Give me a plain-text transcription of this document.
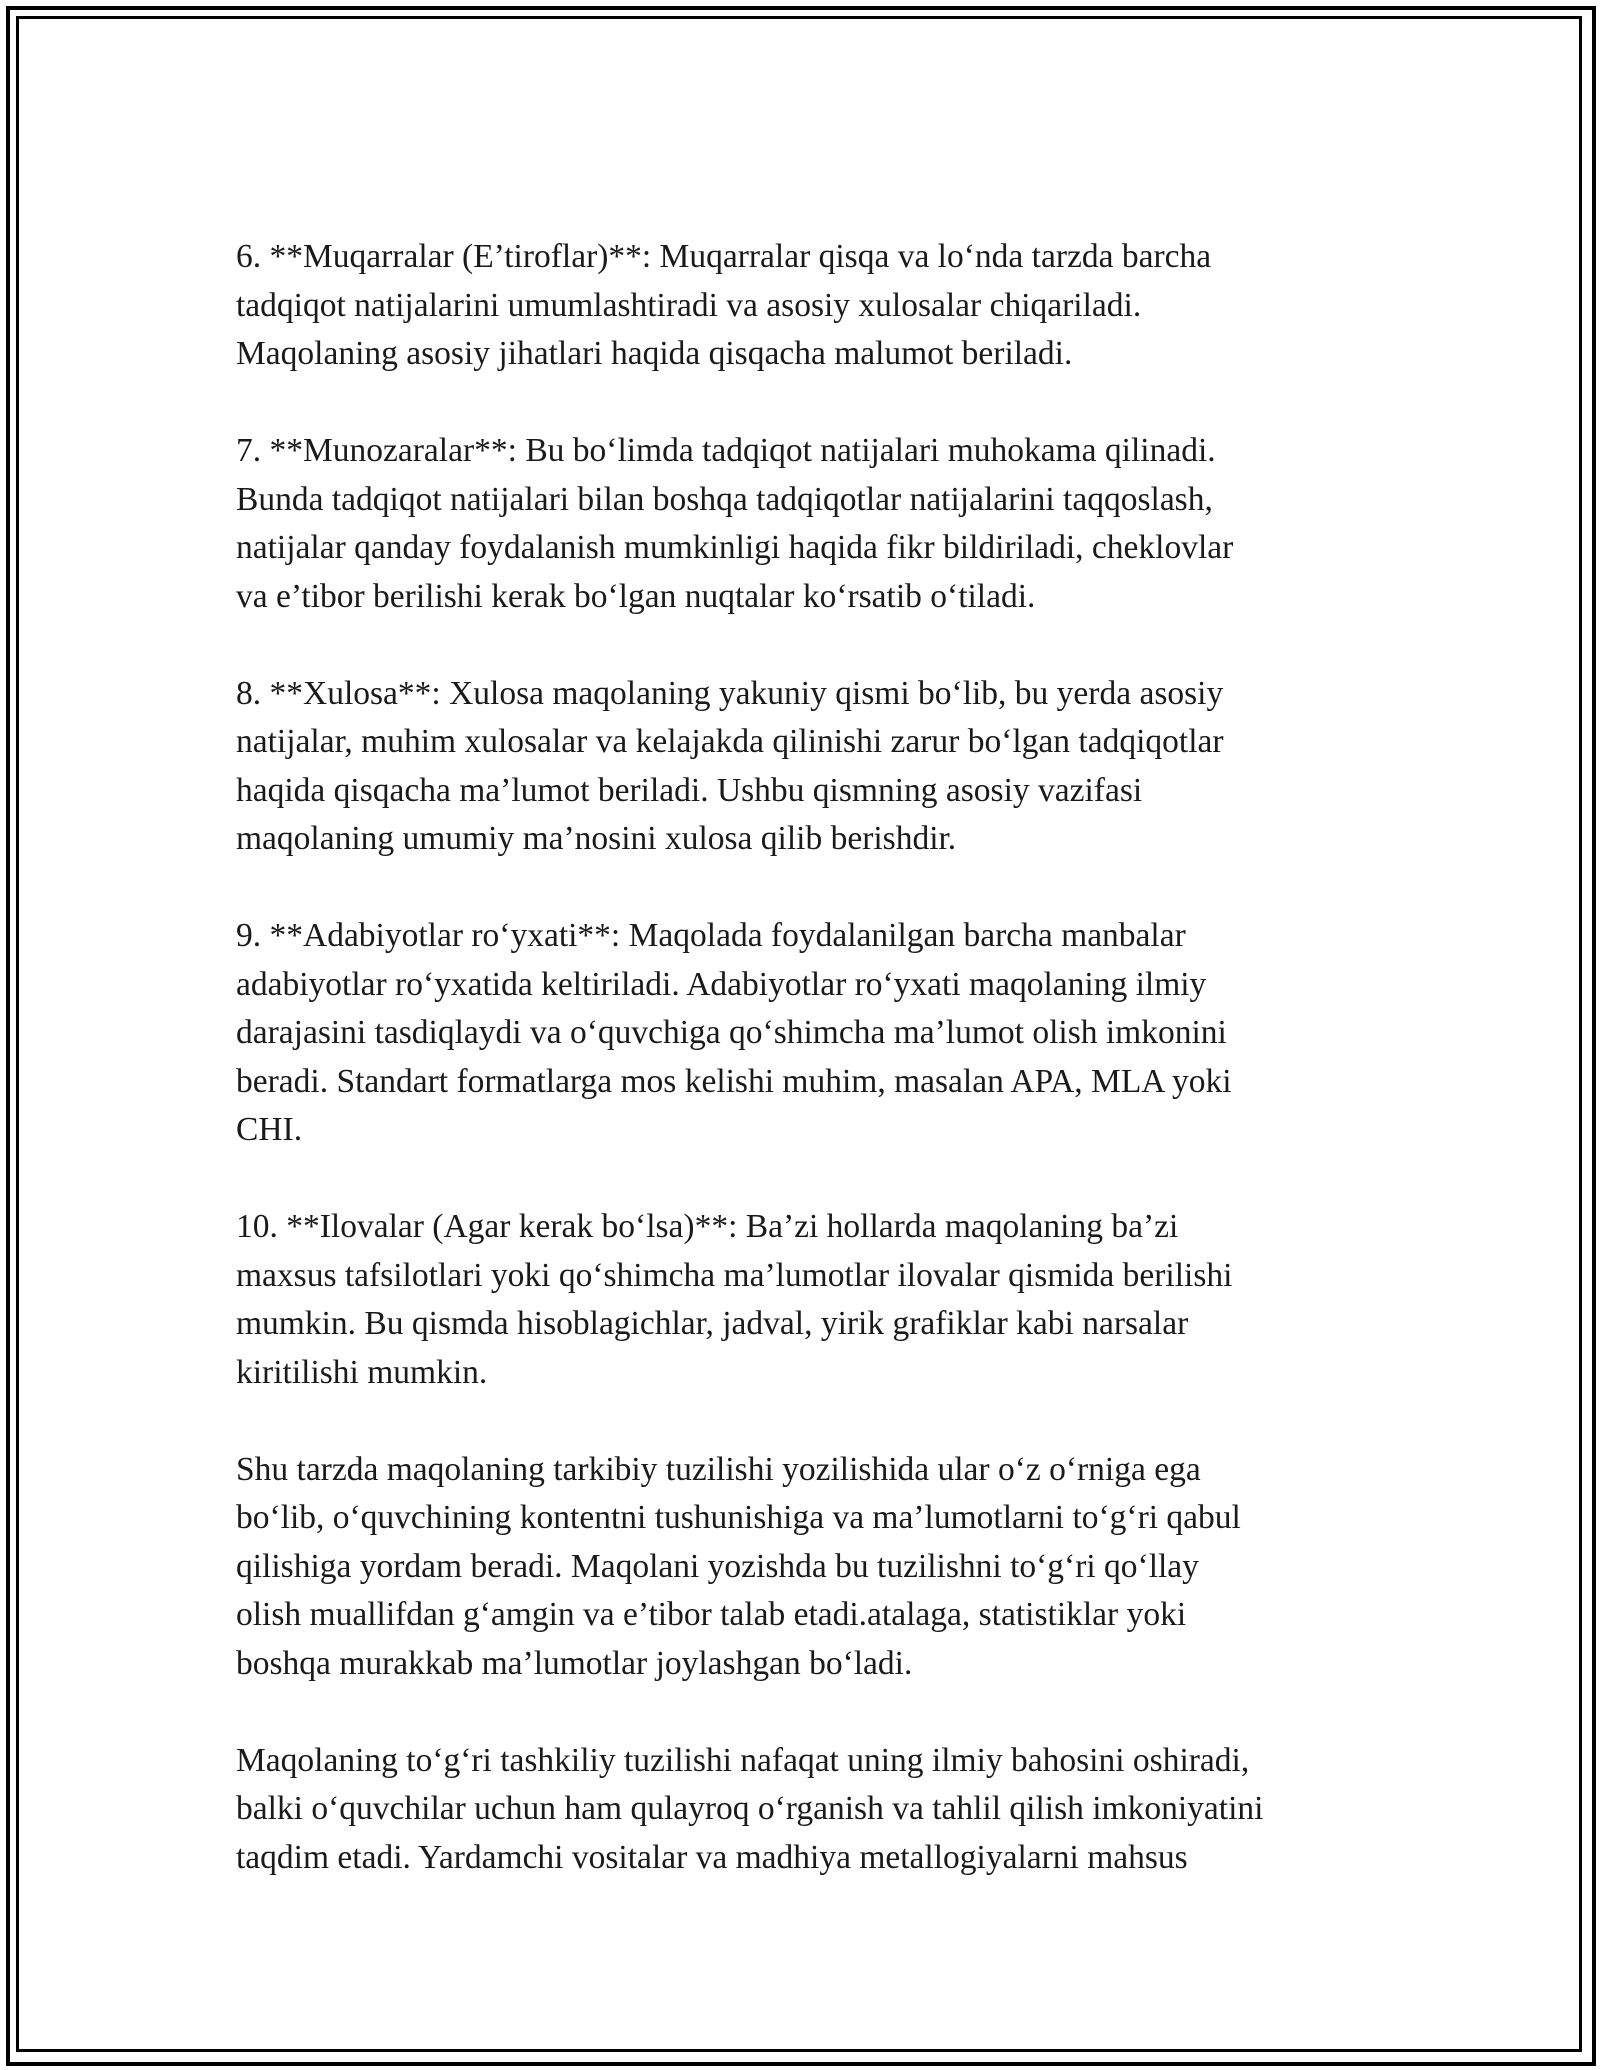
6. **Muqarralar (E’tiroflar)**: Muqarralar qisqa va lo‘nda tarzda barcha
tadqiqot natijalarini umumlashtiradi va asosiy xulosalar chiqariladi.
Maqolaning asosiy jihatlari haqida qisqacha malumot beriladi.

7. **Munozaralar**: Bu bo‘limda tadqiqot natijalari muhokama qilinadi.
Bunda tadqiqot natijalari bilan boshqa tadqiqotlar natijalarini taqqoslash,
natijalar qanday foydalanish mumkinligi haqida fikr bildiriladi, cheklovlar
va e’tibor berilishi kerak bo‘lgan nuqtalar ko‘rsatib o‘tiladi.

8. **Xulosa**: Xulosa maqolaning yakuniy qismi bo‘lib, bu yerda asosiy
natijalar, muhim xulosalar va kelajakda qilinishi zarur bo‘lgan tadqiqotlar
haqida qisqacha ma’lumot beriladi. Ushbu qismning asosiy vazifasi
maqolaning umumiy ma’nosini xulosa qilib berishdir.

9. **Adabiyotlar ro‘yxati**: Maqolada foydalanilgan barcha manbalar
adabiyotlar ro‘yxatida keltiriladi. Adabiyotlar ro‘yxati maqolaning ilmiy
darajasini tasdiqlaydi va o‘quvchiga qo‘shimcha ma’lumot olish imkonini
beradi. Standart formatlarga mos kelishi muhim, masalan APA, MLA yoki
CHI.

10. **Ilovalar (Agar kerak bo‘lsa)**: Ba’zi hollarda maqolaning ba’zi
maxsus tafsilotlari yoki qo‘shimcha ma’lumotlar ilovalar qismida berilishi
mumkin. Bu qismda hisoblagichlar, jadval, yirik grafiklar kabi narsalar
kiritilishi mumkin.

Shu tarzda maqolaning tarkibiy tuzilishi yozilishida ular o‘z o‘rniga ega
bo‘lib, o‘quvchining kontentni tushunishiga va ma’lumotlarni to‘g‘ri qabul
qilishiga yordam beradi. Maqolani yozishda bu tuzilishni to‘g‘ri qo‘llay
olish muallifdan g‘amgin va e’tibor talab etadi.atalaga, statistiklar yoki
boshqa murakkab ma’lumotlar joylashgan bo‘ladi.

Maqolaning to‘g‘ri tashkiliy tuzilishi nafaqat uning ilmiy bahosini oshiradi,
balki o‘quvchilar uchun ham qulayroq o‘rganish va tahlil qilish imkoniyatini
taqdim etadi. Yardamchi vositalar va madhiya metallogiyalarni mahsus
